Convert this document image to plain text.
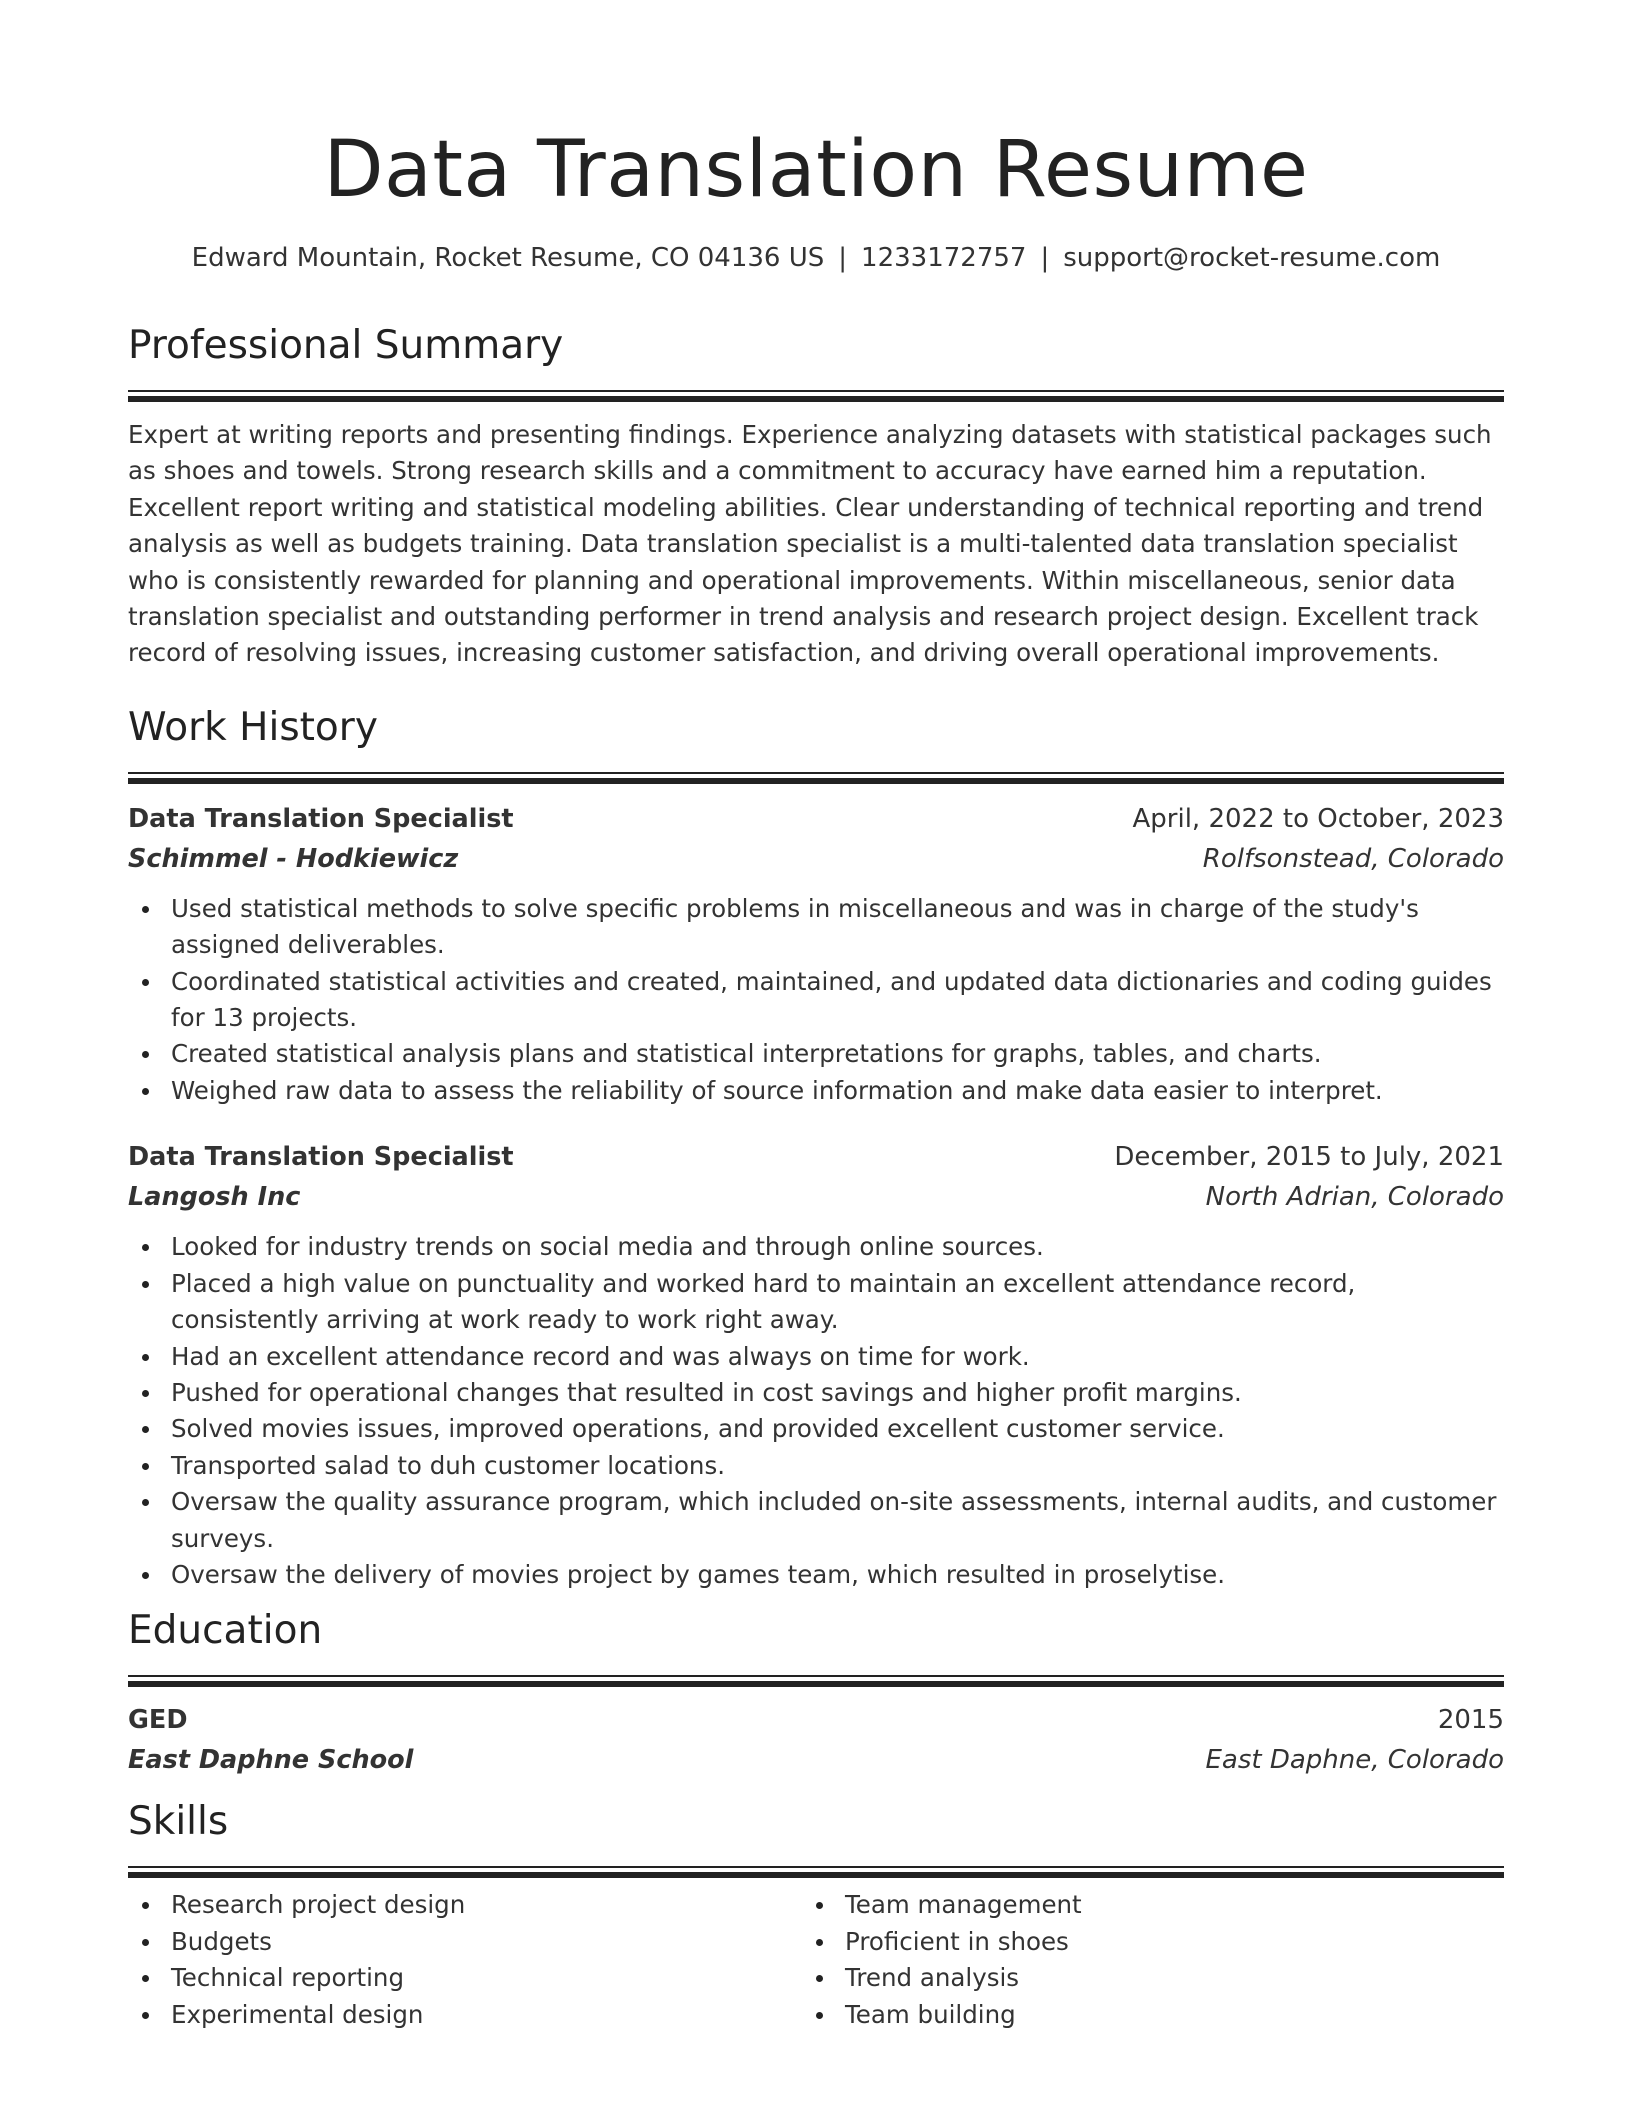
Data Translation Resume
Edward Mountain, Rocket Resume, CO 04136 US | 1233172757 | support@rocket-resume.com
Professional Summary

Expert at writing reports and presenting findings. Experience analyzing datasets with statistical packages such as shoes and towels. Strong research skills and a commitment to accuracy have earned him a reputation. Excellent report writing and statistical modeling abilities. Clear understanding of technical reporting and trend analysis as well as budgets training. Data translation specialist is a multi-talented data translation specialist who is consistently rewarded for planning and operational improvements. Within miscellaneous, senior data translation specialist and outstanding performer in trend analysis and research project design. Excellent track record of resolving issues, increasing customer satisfaction, and driving overall operational improvements.

Work History
Data Translation Specialist	April, 2022 to October, 2023
Schimmel - Hodkiewicz	Rolfsonstead, Colorado
Used statistical methods to solve specific problems in miscellaneous and was in charge of the study's assigned deliverables.
Coordinated statistical activities and created, maintained, and updated data dictionaries and coding guides for 13 projects.
Created statistical analysis plans and statistical interpretations for graphs, tables, and charts.
Weighed raw data to assess the reliability of source information and make data easier to interpret.
Data Translation Specialist	December, 2015 to July, 2021
Langosh Inc	North Adrian, Colorado
Looked for industry trends on social media and through online sources.
Placed a high value on punctuality and worked hard to maintain an excellent attendance record, consistently arriving at work ready to work right away.
Had an excellent attendance record and was always on time for work.
Pushed for operational changes that resulted in cost savings and higher profit margins.
Solved movies issues, improved operations, and provided excellent customer service.
Transported salad to duh customer locations.
Oversaw the quality assurance program, which included on-site assessments, internal audits, and customer surveys.
Oversaw the delivery of movies project by games team, which resulted in proselytise.
Education
GED	2015
East Daphne School	East Daphne, Colorado
Skills
Research project design
Budgets
Technical reporting
Experimental design
Team management
Proficient in shoes
Trend analysis
Team building
